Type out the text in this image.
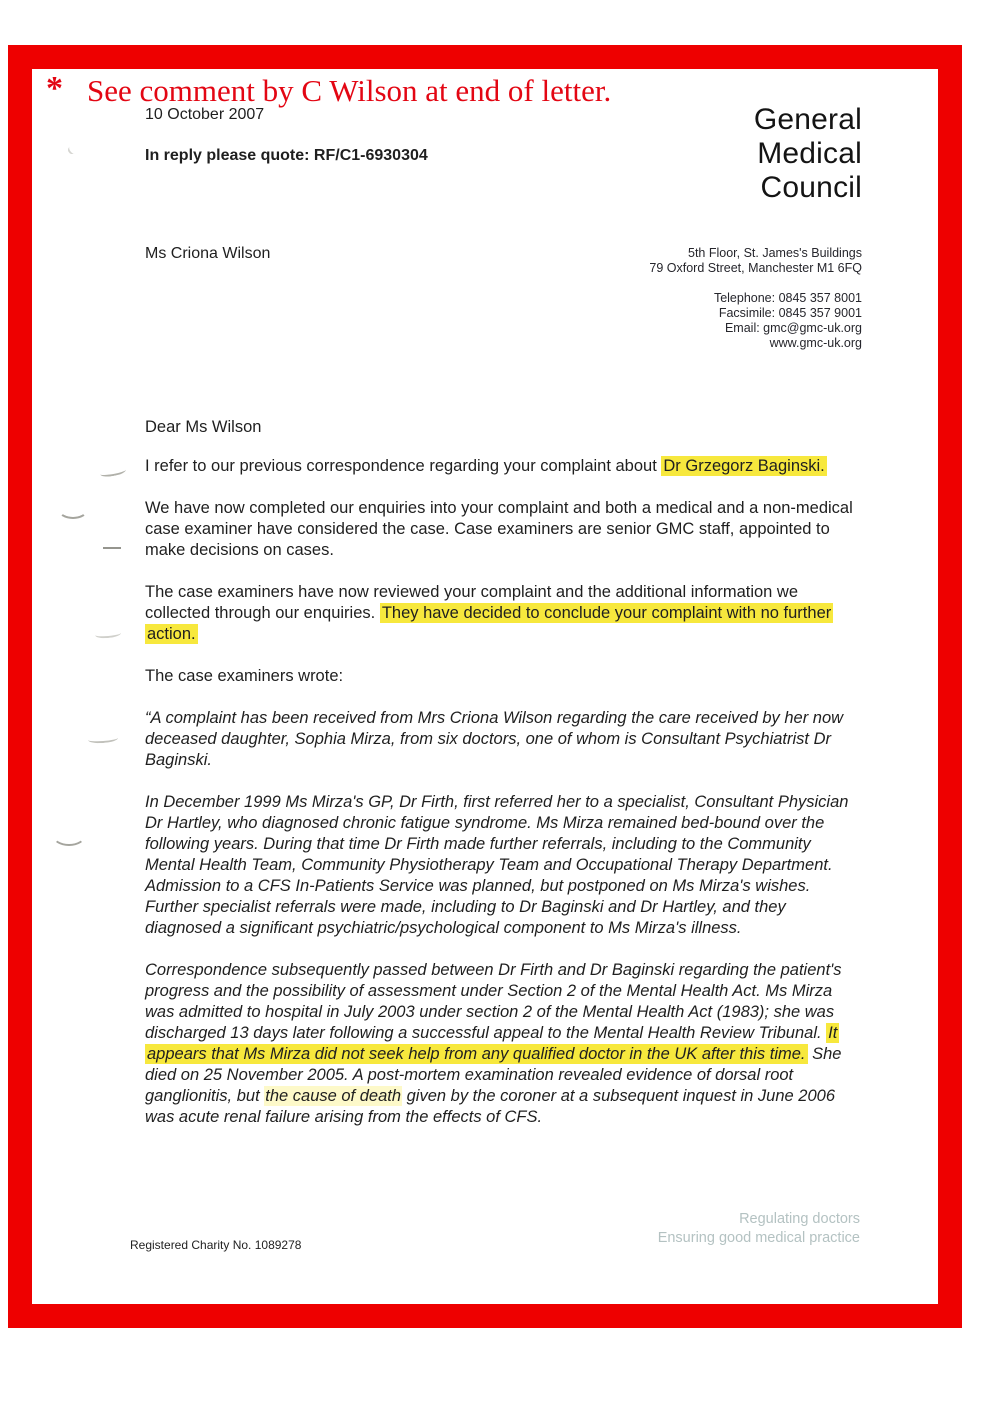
* See comment by C Wilson at end of letter.
10 October 2007
In reply please quote: RF/C1-6930304
General
Medical
Council
Ms Criona Wilson	5th Floor, St. James's Buildings
79 Oxford Street, Manchester M1 6FQ
Telephone: 0845 357 8001
Facsimile: 0845 357 9001
Email: gmc@gmc-uk.org
www.gmc-uk.org
Dear Ms Wilson

I refer to our previous correspondence regarding your complaint about Dr Grzegorz Baginski.

We have now completed our enquiries into your complaint and both a medical and a non-medical case examiner have considered the case. Case examiners are senior GMC staff, appointed to make decisions on cases.

The case examiners have now reviewed your complaint and the additional information we collected through our enquiries. They have decided to conclude your complaint with no further action.

The case examiners wrote:

“A complaint has been received from Mrs Criona Wilson regarding the care received by her now deceased daughter, Sophia Mirza, from six doctors, one of whom is Consultant Psychiatrist Dr Baginski.

In December 1999 Ms Mirza's GP, Dr Firth, first referred her to a specialist, Consultant Physician Dr Hartley, who diagnosed chronic fatigue syndrome. Ms Mirza remained bed-bound over the following years. During that time Dr Firth made further referrals, including to the Community Mental Health Team, Community Physiotherapy Team and Occupational Therapy Department. Admission to a CFS In-Patients Service was planned, but postponed on Ms Mirza's wishes. Further specialist referrals were made, including to Dr Baginski and Dr Hartley, and they diagnosed a significant psychiatric/psychological component to Ms Mirza's illness.

Correspondence subsequently passed between Dr Firth and Dr Baginski regarding the patient's progress and the possibility of assessment under Section 2 of the Mental Health Act. Ms Mirza was admitted to hospital in July 2003 under section 2 of the Mental Health Act (1983); she was discharged 13 days later following a successful appeal to the Mental Health Review Tribunal. It appears that Ms Mirza did not seek help from any qualified doctor in the UK after this time. She died on 25 November 2005. A post-mortem examination revealed evidence of dorsal root ganglionitis, but the cause of death given by the coroner at a subsequent inquest in June 2006 was acute renal failure arising from the effects of CFS.

Registered Charity No. 1089278
Regulating doctors
Ensuring good medical practice
